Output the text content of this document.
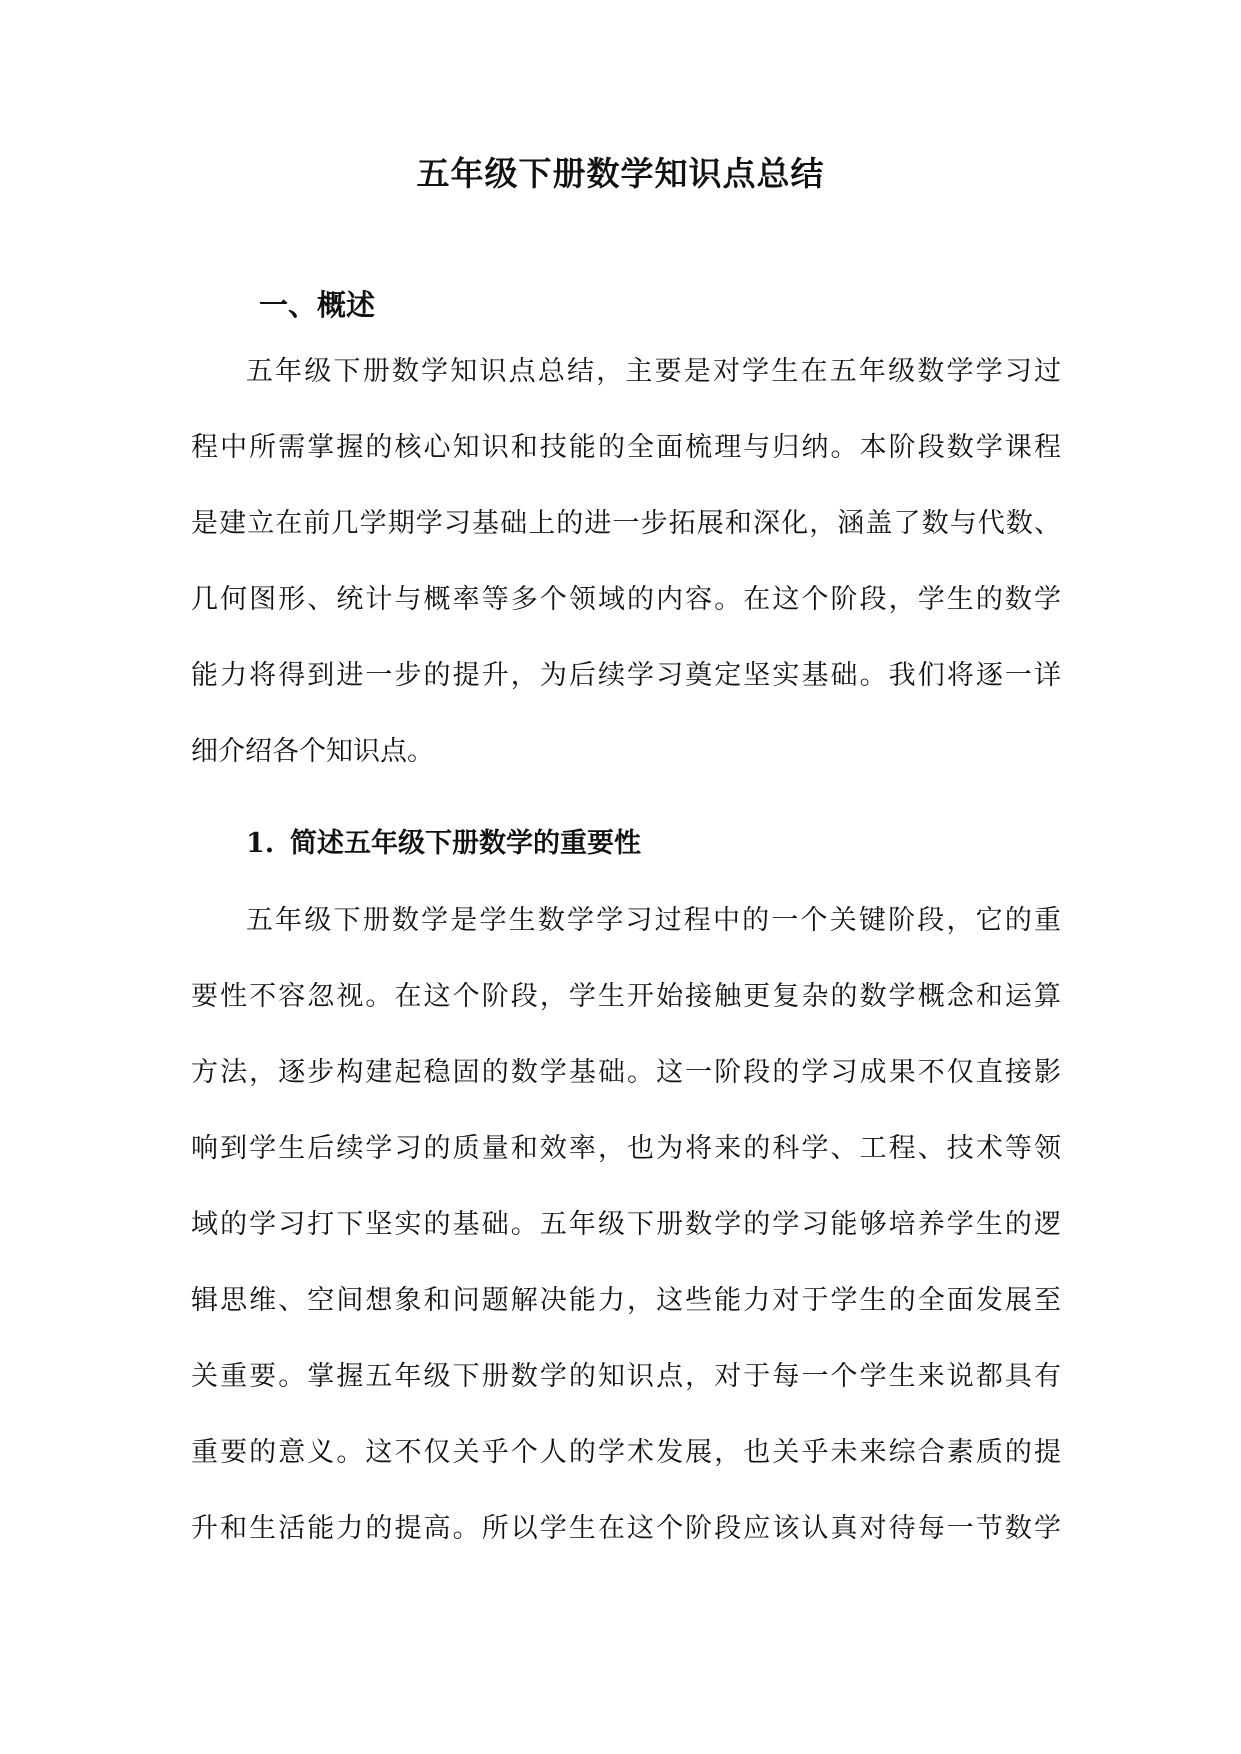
五年级下册数学知识点总结
一、概述
五年级下册数学知识点总结，主要是对学生在五年级数学学习过
程中所需掌握的核心知识和技能的全面梳理与归纳。本阶段数学课程
是建立在前几学期学习基础上的进一步拓展和深化，涵盖了数与代数、
几何图形、统计与概率等多个领域的内容。在这个阶段，学生的数学
能力将得到进一步的提升，为后续学习奠定坚实基础。我们将逐一详
细介绍各个知识点。
1. 简述五年级下册数学的重要性
五年级下册数学是学生数学学习过程中的一个关键阶段，它的重
要性不容忽视。在这个阶段，学生开始接触更复杂的数学概念和运算
方法，逐步构建起稳固的数学基础。这一阶段的学习成果不仅直接影
响到学生后续学习的质量和效率，也为将来的科学、工程、技术等领
域的学习打下坚实的基础。五年级下册数学的学习能够培养学生的逻
辑思维、空间想象和问题解决能力，这些能力对于学生的全面发展至
关重要。掌握五年级下册数学的知识点，对于每一个学生来说都具有
重要的意义。这不仅关乎个人的学术发展，也关乎未来综合素质的提
升和生活能力的提高。所以学生在这个阶段应该认真对待每一节数学
